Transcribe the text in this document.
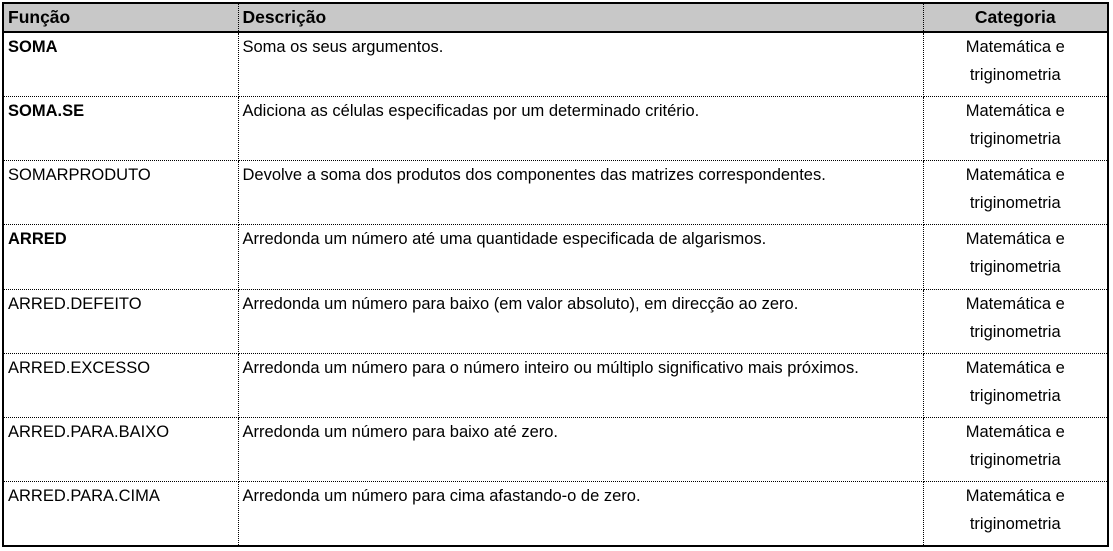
Função	Descrição	Categoria
SOMA	Soma os seus argumentos.	Matemática e
triginometria

SOMA.SE	Adiciona as células especificadas por um determinado critério.	Matemática e
triginometria

SOMARPRODUTO	Devolve a soma dos produtos dos componentes das matrizes correspondentes.	Matemática e
triginometria

ARRED	Arredonda um número até uma quantidade especificada de algarismos.	Matemática e
triginometria

ARRED.DEFEITO	Arredonda um número para baixo (em valor absoluto), em direcção ao zero.	Matemática e
triginometria

ARRED.EXCESSO	Arredonda um número para o número inteiro ou múltiplo significativo mais próximos.	Matemática e
triginometria

ARRED.PARA.BAIXO	Arredonda um número para baixo até zero.	Matemática e
triginometria

ARRED.PARA.CIMA	Arredonda um número para cima afastando-o de zero.	Matemática e
triginometria
